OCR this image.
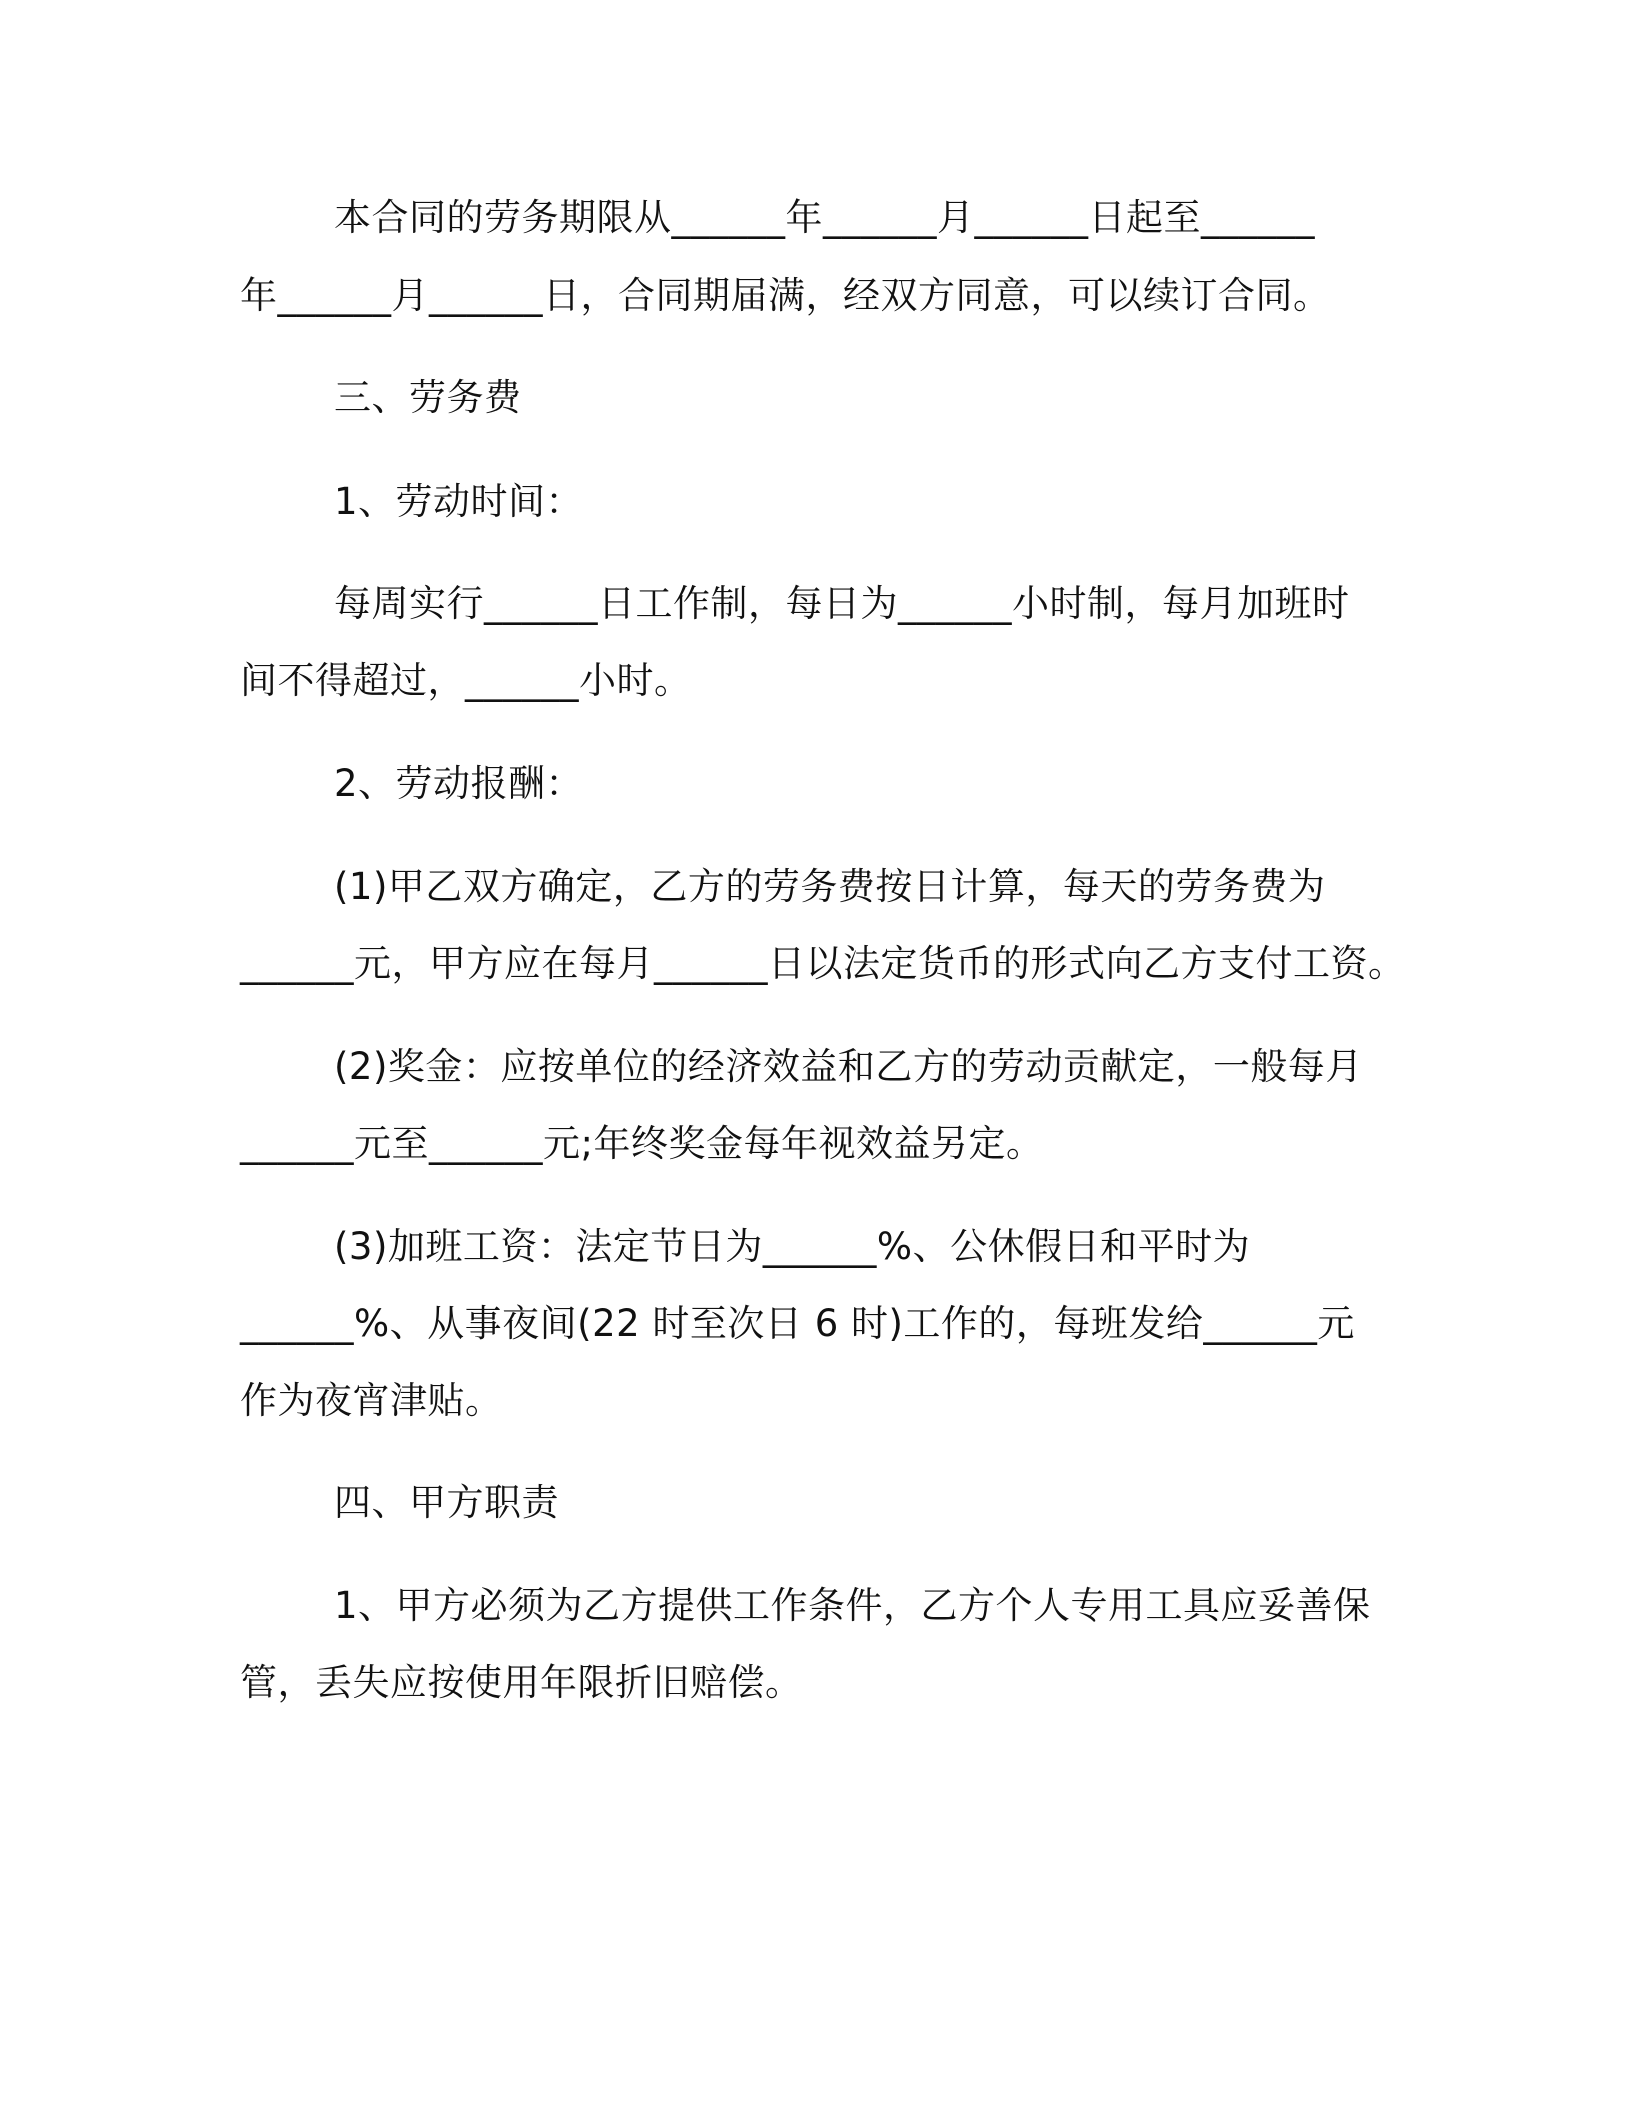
本合同的劳务期限从______年______月______日起至______
年______月______日，合同期届满，经双方同意，可以续订合同。
三、劳务费
1、劳动时间：
每周实行______日工作制，每日为______小时制，每月加班时
间不得超过，______小时。
2、劳动报酬：
(1)甲乙双方确定，乙方的劳务费按日计算，每天的劳务费为
______元，甲方应在每月______日以法定货币的形式向乙方支付工资。
(2)奖金：应按单位的经济效益和乙方的劳动贡献定，一般每月
______元至______元;年终奖金每年视效益另定。
(3)加班工资：法定节日为______%、公休假日和平时为
______%、从事夜间(22 时至次日 6 时)工作的，每班发给______元
作为夜宵津贴。
四、甲方职责
1、甲方必须为乙方提供工作条件，乙方个人专用工具应妥善保
管，丢失应按使用年限折旧赔偿。
